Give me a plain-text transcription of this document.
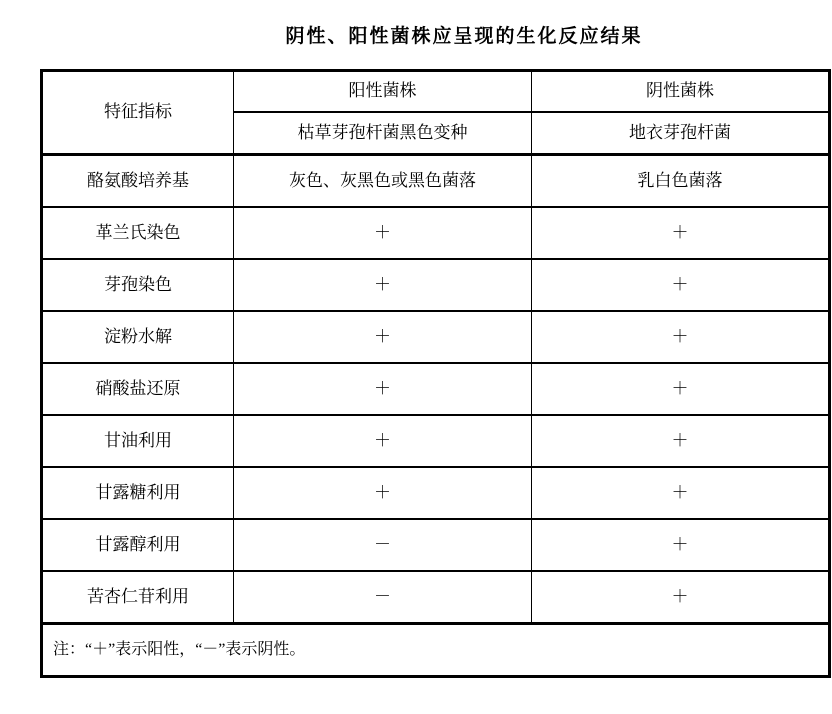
阴性、阳性菌株应呈现的生化反应结果
特征指标	阳性菌株	阴性菌株
	枯草芽孢杆菌黑色变种	地衣芽孢杆菌
酪氨酸培养基	灰色、灰黑色或黑色菌落	乳白色菌落
革兰氏染色	＋	＋
芽孢染色	＋	＋
淀粉水解	＋	＋
硝酸盐还原	＋	＋
甘油利用	＋	＋
甘露糖利用	＋	＋
甘露醇利用	－	＋
苦杏仁苷利用	－	＋
注：“＋”表示阳性，“－”表示阴性。		
